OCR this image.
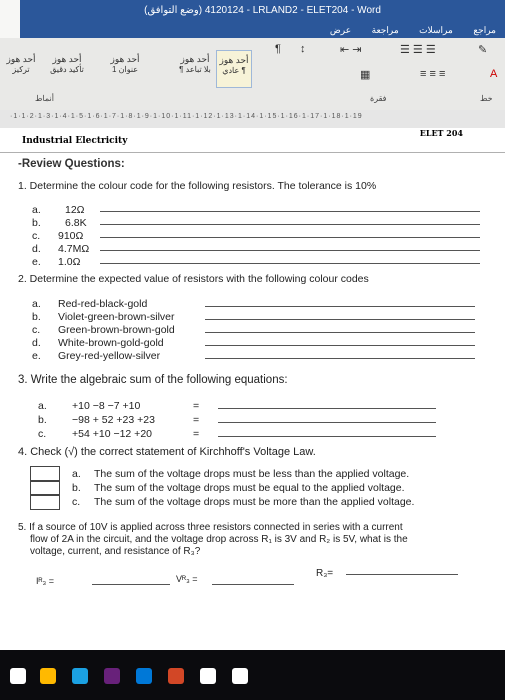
(وضع التوافق) 4120124 - LRLAND2 - ELET204 - Word
مراجع مراسلات مراجعة عرض
أحد هوز
عادي ¶
أحد هوز
¶ بلا تباعد
أحد هوز
عنوان 1
أحد هوز
تأكيد دقيق
أحد هوز
تركيز
¶ ↕	⇤ ⇥	☰ ☰ ☰	✎
▦	≡ ≡ ≡	A
أنماط	فقرة	خط
·1·1·2·1·3·1·4·1·5·1·6·1·7·1·8·1·9·1·10·1·11·1·12·1·13·1·14·1·15·1·16·1·17·1·18·1·19
Industrial Electricity
ELET 204
-Review Questions:
1. Determine the colour code for the following resistors. The tolerance is 10%
a. 12Ω
b. 6.8K
c. 910Ω
d. 4.7MΩ
e. 1.0Ω
2. Determine the expected value of resistors with the following colour codes
a. Red-red-black-gold
b. Violet-green-brown-silver
c. Green-brown-brown-gold
d. White-brown-gold-gold
e. Grey-red-yellow-silver
3. Write the algebraic sum of the following equations:
a. +10 −8 −7 +10	=
b. −98 + 52 +23 +23	=
c. +54 +10 −12 +20	=
4. Check (√) the correct statement of Kirchhoff's Voltage Law.
a. The sum of the voltage drops must be less than the applied voltage.
b. The sum of the voltage drops must be equal to the applied voltage.
c. The sum of the voltage drops must be more than the applied voltage.
5. If a source of 10V is applied across three resistors connected in series with a current
flow of 2A in the circuit, and the voltage drop across R₁ is 3V and R₂ is 5V, what is the
voltage, current, and resistance of R₃?
Iᴿ₃ =	Vᴿ₃ =	R₃=
